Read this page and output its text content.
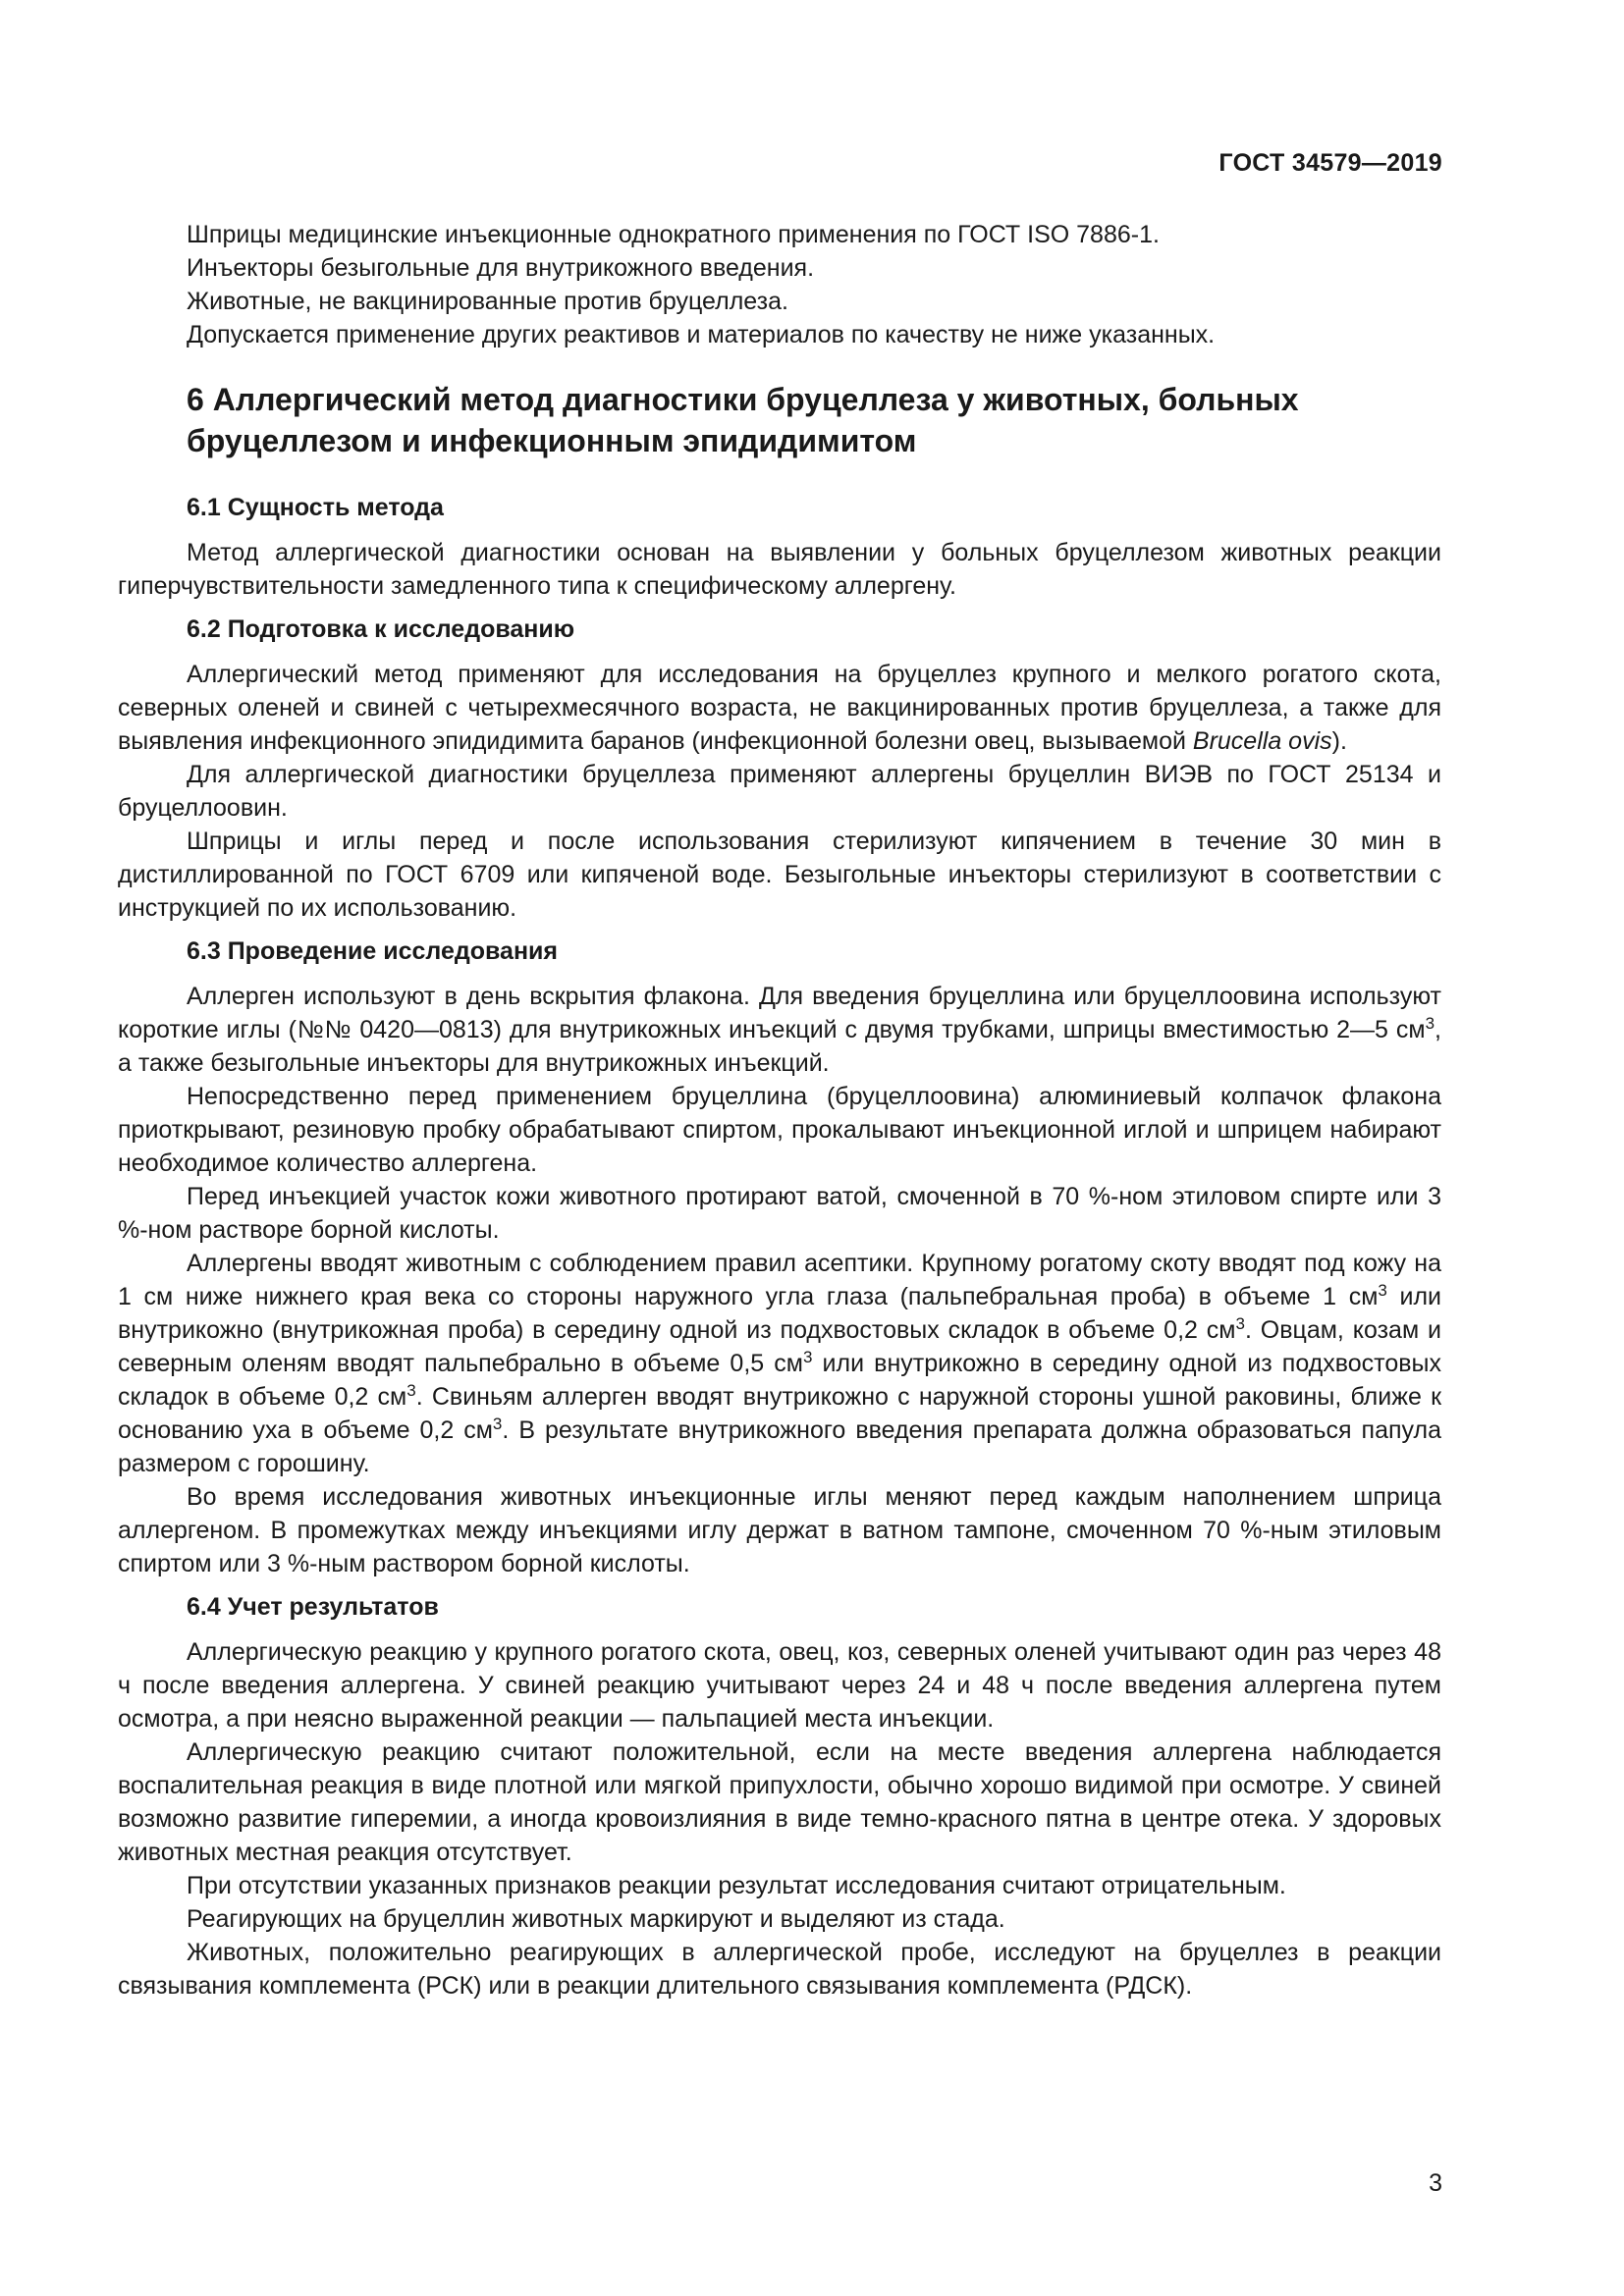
ГОСТ 34579—2019

Шприцы медицинские инъекционные однократного применения по ГОСТ ISO 7886-1.

Инъекторы безыгольные для внутрикожного введения.

Животные, не вакцинированные против бруцеллеза.

Допускается применение других реактивов и материалов по качеству не ниже указанных.

6 Аллергический метод диагностики бруцеллеза у животных, больных
бруцеллезом и инфекционным эпидидимитом
6.1 Сущность метода

Метод аллергической диагностики основан на выявлении у больных бруцеллезом животных реакции гиперчувствительности замедленного типа к специфическому аллергену.

6.2 Подготовка к исследованию

Аллергический метод применяют для исследования на бруцеллез крупного и мелкого рогатого скота, северных оленей и свиней с четырехмесячного возраста, не вакцинированных против бруцеллеза, а также для выявления инфекционного эпидидимита баранов (инфекционной болезни овец, вызываемой Brucella ovis).

Для аллергической диагностики бруцеллеза применяют аллергены бруцеллин ВИЭВ по ГОСТ 25134 и бруцеллоовин.

Шприцы и иглы перед и после использования стерилизуют кипячением в течение 30 мин в дистиллированной по ГОСТ 6709 или кипяченой воде. Безыгольные инъекторы стерилизуют в соответствии с инструкцией по их использованию.

6.3 Проведение исследования

Аллерген используют в день вскрытия флакона. Для введения бруцеллина или бруцеллоовина используют короткие иглы (№№ 0420—0813) для внутрикожных инъекций с двумя трубками, шприцы вместимостью 2—5 $см^3$, а также безыгольные инъекторы для внутрикожных инъекций.

Непосредственно перед применением бруцеллина (бруцеллоовина) алюминиевый колпачок флакона приоткрывают, резиновую пробку обрабатывают спиртом, прокалывают инъекционной иглой и шприцем набирают необходимое количество аллергена.

Перед инъекцией участок кожи животного протирают ватой, смоченной в 70 %-ном этиловом спирте или 3 %-ном растворе борной кислоты.

Аллергены вводят животным с соблюдением правил асептики. Крупному рогатому скоту вводят под кожу на 1 см ниже нижнего края века со стороны наружного угла глаза (пальпебральная проба) в объеме 1 $см^3$ или внутрикожно (внутрикожная проба) в середину одной из подхвостовых складок в объеме 0,2 $см^3$. Овцам, козам и северным оленям вводят пальпебрально в объеме 0,5 $см^3$ или внутрикожно в середину одной из подхвостовых складок в объеме 0,2 $см^3$. Свиньям аллерген вводят внутрикожно с наружной стороны ушной раковины, ближе к основанию уха в объеме 0,2 $см^3$. В результате внутрикожного введения препарата должна образоваться папула размером с горошину.

Во время исследования животных инъекционные иглы меняют перед каждым наполнением шприца аллергеном. В промежутках между инъекциями иглу держат в ватном тампоне, смоченном 70 %-ным этиловым спиртом или 3 %-ным раствором борной кислоты.

6.4 Учет результатов

Аллергическую реакцию у крупного рогатого скота, овец, коз, северных оленей учитывают один раз через 48 ч после введения аллергена. У свиней реакцию учитывают через 24 и 48 ч после введения аллергена путем осмотра, а при неясно выраженной реакции — пальпацией места инъекции.

Аллергическую реакцию считают положительной, если на месте введения аллергена наблюдается воспалительная реакция в виде плотной или мягкой припухлости, обычно хорошо видимой при осмотре. У свиней возможно развитие гиперемии, а иногда кровоизлияния в виде темно-красного пятна в центре отека. У здоровых животных местная реакция отсутствует.

При отсутствии указанных признаков реакции результат исследования считают отрицательным.

Реагирующих на бруцеллин животных маркируют и выделяют из стада.

Животных, положительно реагирующих в аллергической пробе, исследуют на бруцеллез в реакции связывания комплемента (РСК) или в реакции длительного связывания комплемента (РДСК).

3
